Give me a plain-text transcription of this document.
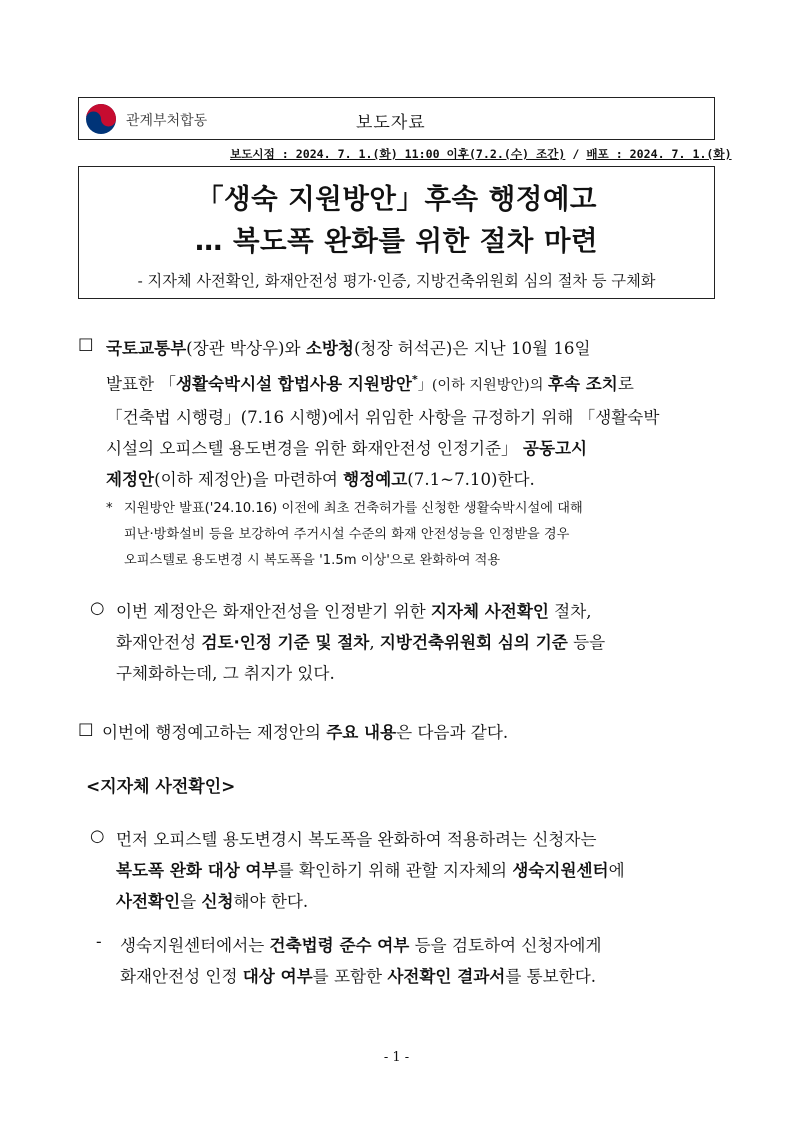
관계부처합동	보도자료
보도시점 : 2024. 7. 1.(화) 11:00 이후(7.2.(수) 조간) / 배포 : 2024. 7. 1.(화)
「생숙 지원방안」후속 행정예고
… 복도폭 완화를 위한 절차 마련
- 지자체 사전확인, 화재안전성 평가·인증, 지방건축위원회 심의 절차 등 구체화
□ 국토교통부(장관 박상우)와 소방청(청장 허석곤)은 지난 10월 16일
발표한 「생활숙박시설 합법사용 지원방안*」(이하 지원방안)의 후속 조치로
「건축법 시행령」(7.16 시행)에서 위임한 사항을 규정하기 위해 「생활숙박
시설의 오피스텔 용도변경을 위한 화재안전성 인정기준」 공동고시
제정안(이하 제정안)을 마련하여 행정예고(7.1~7.10)한다.
* 지원방안 발표('24.10.16) 이전에 최초 건축허가를 신청한 생활숙박시설에 대해
피난·방화설비 등을 보강하여 주거시설 수준의 화재 안전성능을 인정받을 경우
오피스텔로 용도변경 시 복도폭을 '1.5m 이상'으로 완화하여 적용
○ 이번 제정안은 화재안전성을 인정받기 위한 지자체 사전확인 절차,
화재안전성 검토·인정 기준 및 절차, 지방건축위원회 심의 기준 등을
구체화하는데, 그 취지가 있다.
□ 이번에 행정예고하는 제정안의 주요 내용은 다음과 같다.
<지자체 사전확인>
○ 먼저 오피스텔 용도변경시 복도폭을 완화하여 적용하려는 신청자는
복도폭 완화 대상 여부를 확인하기 위해 관할 지자체의 생숙지원센터에
사전확인을 신청해야 한다.
- 생숙지원센터에서는 건축법령 준수 여부 등을 검토하여 신청자에게
화재안전성 인정 대상 여부를 포함한 사전확인 결과서를 통보한다.
- 1 -
